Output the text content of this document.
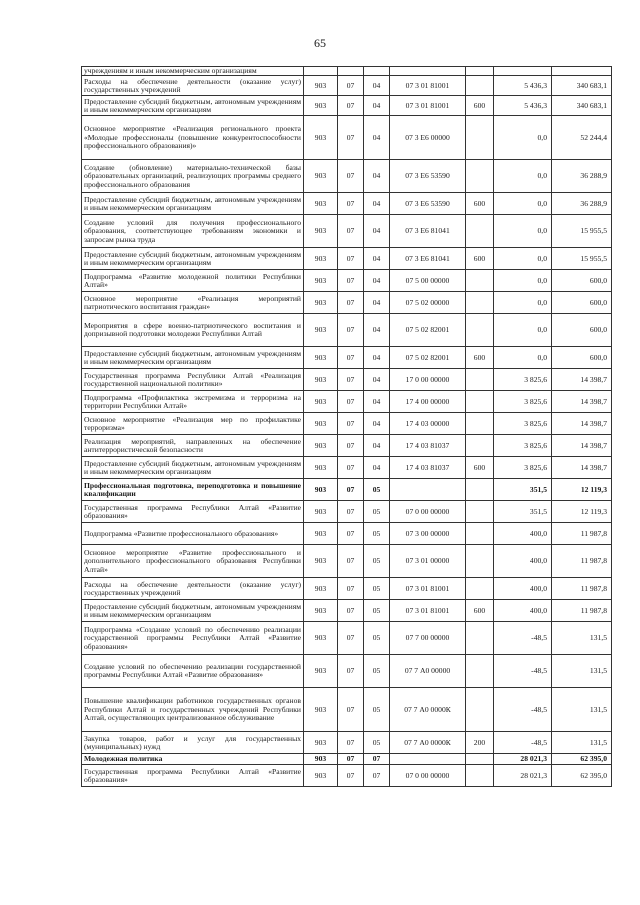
65
учреждениям и иным некоммерческим организациям							
Расходы на обеспечение деятельности (оказание услуг) государственных учреждений	903	07	04	07 3 01 81001		5 436,3	340 683,1
Предоставление субсидий бюджетным, автономным учреждениям и иным некоммерческим организациям	903	07	04	07 3 01 81001	600	5 436,3	340 683,1
Основное мероприятие «Реализация регионального проекта «Молодые профессионалы (повышение конкурентоспособности профессионального образования)»	903	07	04	07 3 E6 00000		0,0	52 244,4
Создание (обновление) материально-технической базы образовательных организаций, реализующих программы среднего профессионального образования	903	07	04	07 3 E6 53590		0,0	36 288,9
Предоставление субсидий бюджетным, автономным учреждениям и иным некоммерческим организациям	903	07	04	07 3 E6 53590	600	0,0	36 288,9
Создание условий для получения профессионального образования, соответствующее требованиям экономики и запросам рынка труда	903	07	04	07 3 E6 81041		0,0	15 955,5
Предоставление субсидий бюджетным, автономным учреждениям и иным некоммерческим организациям	903	07	04	07 3 E6 81041	600	0,0	15 955,5
Подпрограмма «Развитие молодежной политики Республики Алтай»	903	07	04	07 5 00 00000		0,0	600,0
Основное мероприятие «Реализация мероприятий патриотического воспитания граждан»	903	07	04	07 5 02 00000		0,0	600,0
Мероприятия в сфере военно-патриотического воспитания и допризывной подготовки молодежи Республики Алтай	903	07	04	07 5 02 82001		0,0	600,0
Предоставление субсидий бюджетным, автономным учреждениям и иным некоммерческим организациям	903	07	04	07 5 02 82001	600	0,0	600,0
Государственная программа Республики Алтай «Реализация государственной национальной политики»	903	07	04	17 0 00 00000		3 825,6	14 398,7
Подпрограмма «Профилактика экстремизма и терроризма на территории Республики Алтай»	903	07	04	17 4 00 00000		3 825,6	14 398,7
Основное мероприятие «Реализация мер по профилактике терроризма»	903	07	04	17 4 03 00000		3 825,6	14 398,7
Реализация мероприятий, направленных на обеспечение антитеррористической безопасности	903	07	04	17 4 03 81037		3 825,6	14 398,7
Предоставление субсидий бюджетным, автономным учреждениям и иным некоммерческим организациям	903	07	04	17 4 03 81037	600	3 825,6	14 398,7
Профессиональная подготовка, переподготовка и повышение квалификации	903	07	05			351,5	12 119,3
Государственная программа Республики Алтай «Развитие образования»	903	07	05	07 0 00 00000		351,5	12 119,3
Подпрограмма «Развитие профессионального образования»	903	07	05	07 3 00 00000		400,0	11 987,8
Основное мероприятие «Развитие профессионального и дополнительного профессионального образования Республики Алтай»	903	07	05	07 3 01 00000		400,0	11 987,8
Расходы на обеспечение деятельности (оказание услуг) государственных учреждений	903	07	05	07 3 01 81001		400,0	11 987,8
Предоставление субсидий бюджетным, автономным учреждениям и иным некоммерческим организациям	903	07	05	07 3 01 81001	600	400,0	11 987,8
Подпрограмма «Создание условий по обеспечению реализации государственной программы Республики Алтай «Развитие образования»	903	07	05	07 7 00 00000		-48,5	131,5
Создание условий по обеспечению реализации государственной программы Республики Алтай «Развитие образования»	903	07	05	07 7 А0 00000		-48,5	131,5
Повышение квалификации работников государственных органов Республики Алтай и государственных учреждений Республики Алтай, осуществляющих централизованное обслуживание	903	07	05	07 7 А0 0000К		-48,5	131,5
Закупка товаров, работ и услуг для государственных (муниципальных) нужд	903	07	05	07 7 А0 0000К	200	-48,5	131,5
Молодежная политика	903	07	07			28 021,3	62 395,0
Государственная программа Республики Алтай «Развитие образования»	903	07	07	07 0 00 00000		28 021,3	62 395,0
